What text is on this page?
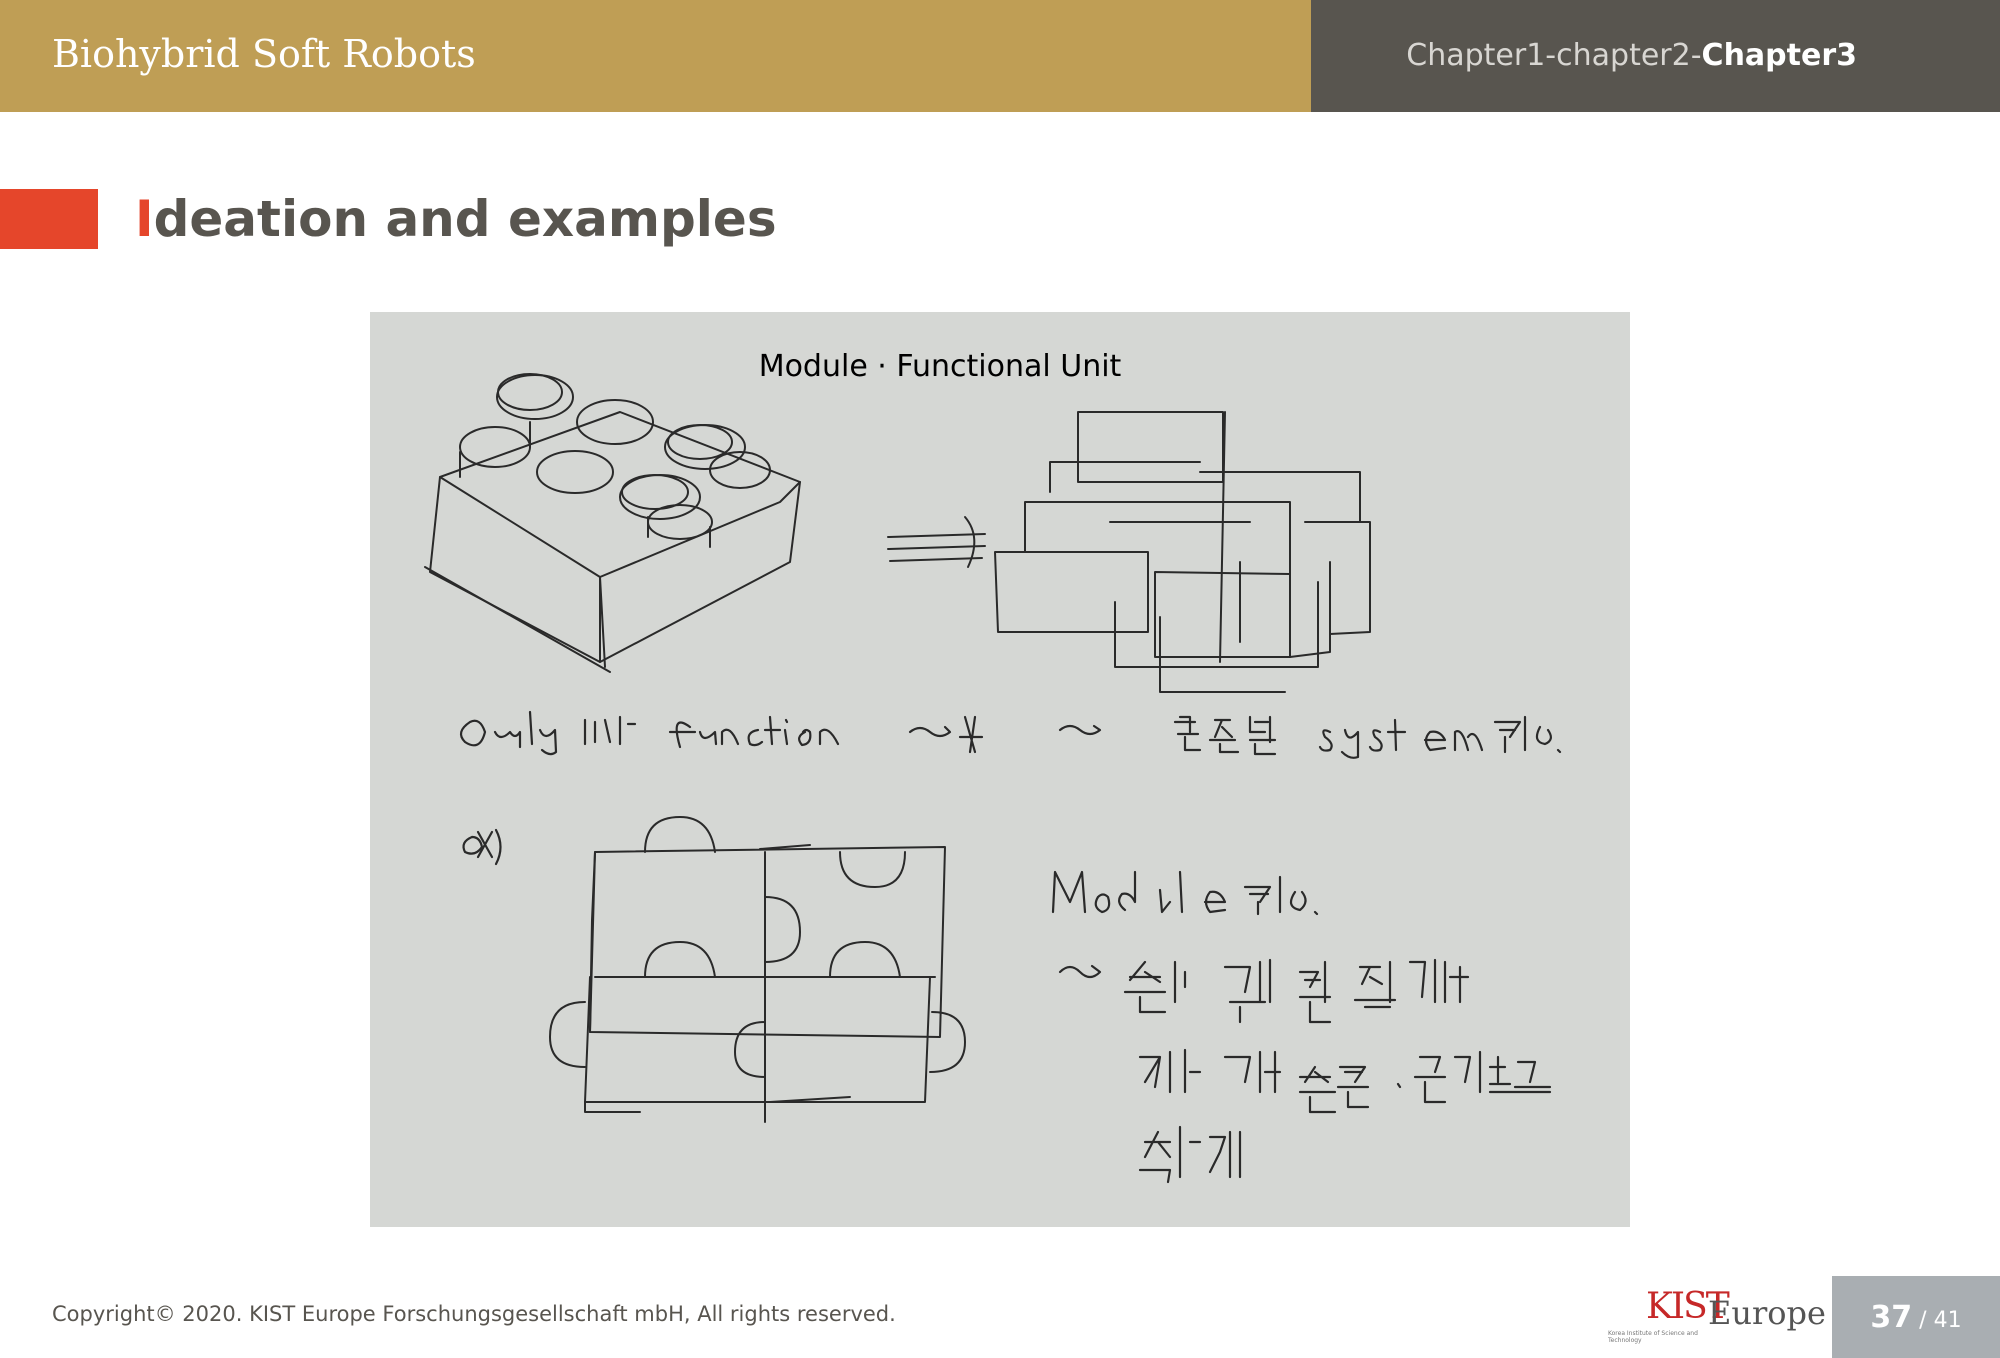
Biohybrid Soft Robots	Chapter1-chapter2-Chapter3
Ideation and examples
Module · Functional Unit
Copyright© 2020. KIST Europe Forschungsgesellschaft mbH, All rights reserved.	KIST
Europe
Korea Institute of Science and Technology
37 / 41
